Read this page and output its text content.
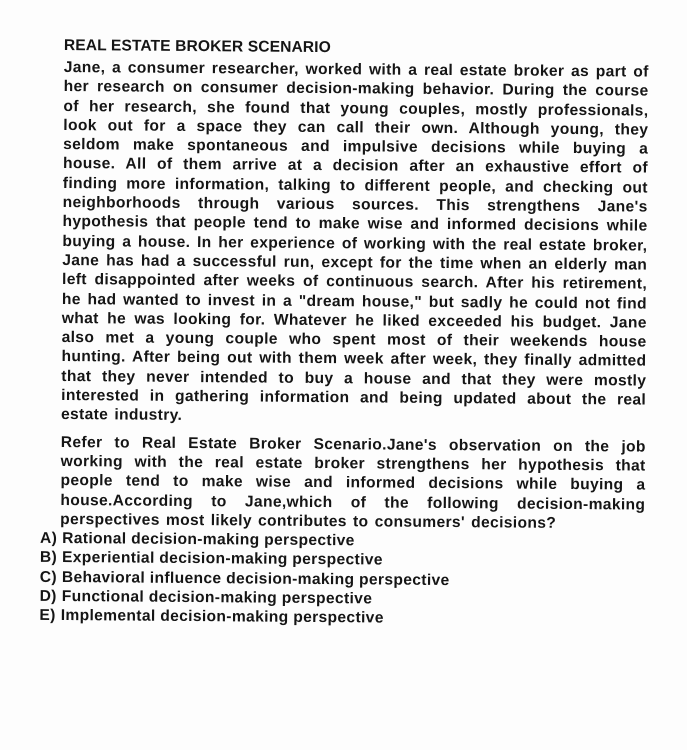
REAL ESTATE BROKER SCENARIO

Jane, a consumer researcher, worked with a real estate broker as part of her research on consumer decision-making behavior. During the course of her research, she found that young couples, mostly professionals, look out for a space they can call their own. Although young, they seldom make spontaneous and impulsive decisions while buying a house. All of them arrive at a decision after an exhaustive effort of finding more information, talking to different people, and checking out neighborhoods through various sources. This strengthens Jane's hypothesis that people tend to make wise and informed decisions while buying a house. In her experience of working with the real estate broker, Jane has had a successful run, except for the time when an elderly man left disappointed after weeks of continuous search. After his retirement, he had wanted to invest in a "dream house," but sadly he could not find what he was looking for. Whatever he liked exceeded his budget. Jane also met a young couple who spent most of their weekends house hunting. After being out with them week after week, they finally admitted that they never intended to buy a house and that they were mostly interested in gathering information and being updated about the real estate industry.

Refer to Real Estate Broker Scenario.Jane's observation on the job working with the real estate broker strengthens her hypothesis that people tend to make wise and informed decisions while buying a house.According to Jane,which of the following decision-making perspectives most likely contributes to consumers' decisions?

A) Rational decision-making perspective
B) Experiential decision-making perspective
C) Behavioral influence decision-making perspective
D) Functional decision-making perspective
E) Implemental decision-making perspective
